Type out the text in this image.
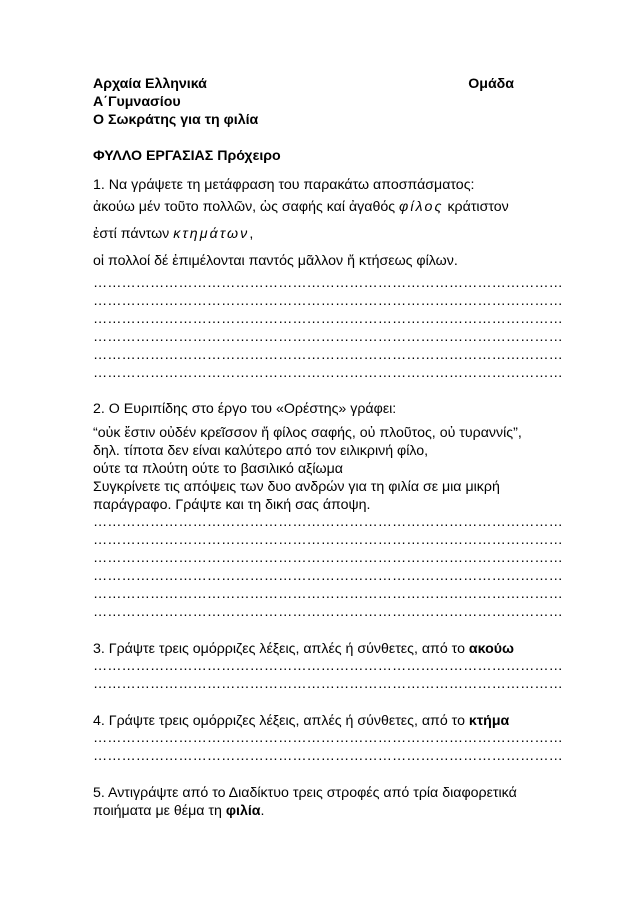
Αρχαία Ελληνικά	Ομάδα
Α΄Γυμνασίου
Ο Σωκράτης για τη φιλία
ΦΥΛΛΟ ΕΡΓΑΣΙΑΣ Πρόχειρο
1. Να γράψετε τη μετάφραση του παρακάτω αποσπάσματος:
ἀκούω μέν τοῦτο πολλῶν, ὡς σαφής καί ἀγαθός φίλος κράτιστον
ἐστί πάντων κτημάτων,
οἱ πολλοί δέ ἐπιμέλονται παντός μᾶλλον ἤ κτήσεως φίλων.
………………………………………………………………………………………
………………………………………………………………………………………
………………………………………………………………………………………
………………………………………………………………………………………
………………………………………………………………………………………
………………………………………………………………………………………
2. Ο Ευριπίδης στο έργο του «Ορέστης» γράφει:
“οὐκ ἔστιν οὐδέν κρεῖσσον ἤ φίλος σαφής, οὐ πλοῦτος, οὐ τυραννίς”,
δηλ. τίποτα δεν είναι καλύτερο από τον ειλικρινή φίλο,
ούτε τα πλούτη ούτε το βασιλικό αξίωμα
Συγκρίνετε τις απόψεις των δυο ανδρών για τη φιλία σε μια μικρή
παράγραφο. Γράψτε και τη δική σας άποψη.
………………………………………………………………………………………
………………………………………………………………………………………
………………………………………………………………………………………
………………………………………………………………………………………
………………………………………………………………………………………
………………………………………………………………………………………
3. Γράψτε τρεις ομόρριζες λέξεις, απλές ή σύνθετες, από το ακούω
………………………………………………………………………………………
………………………………………………………………………………………
4. Γράψτε τρεις ομόρριζες λέξεις, απλές ή σύνθετες, από το κτήμα
………………………………………………………………………………………
………………………………………………………………………………………
5. Αντιγράψτε από το Διαδίκτυο τρεις στροφές από τρία διαφορετικά
ποιήματα με θέμα τη φιλία.
